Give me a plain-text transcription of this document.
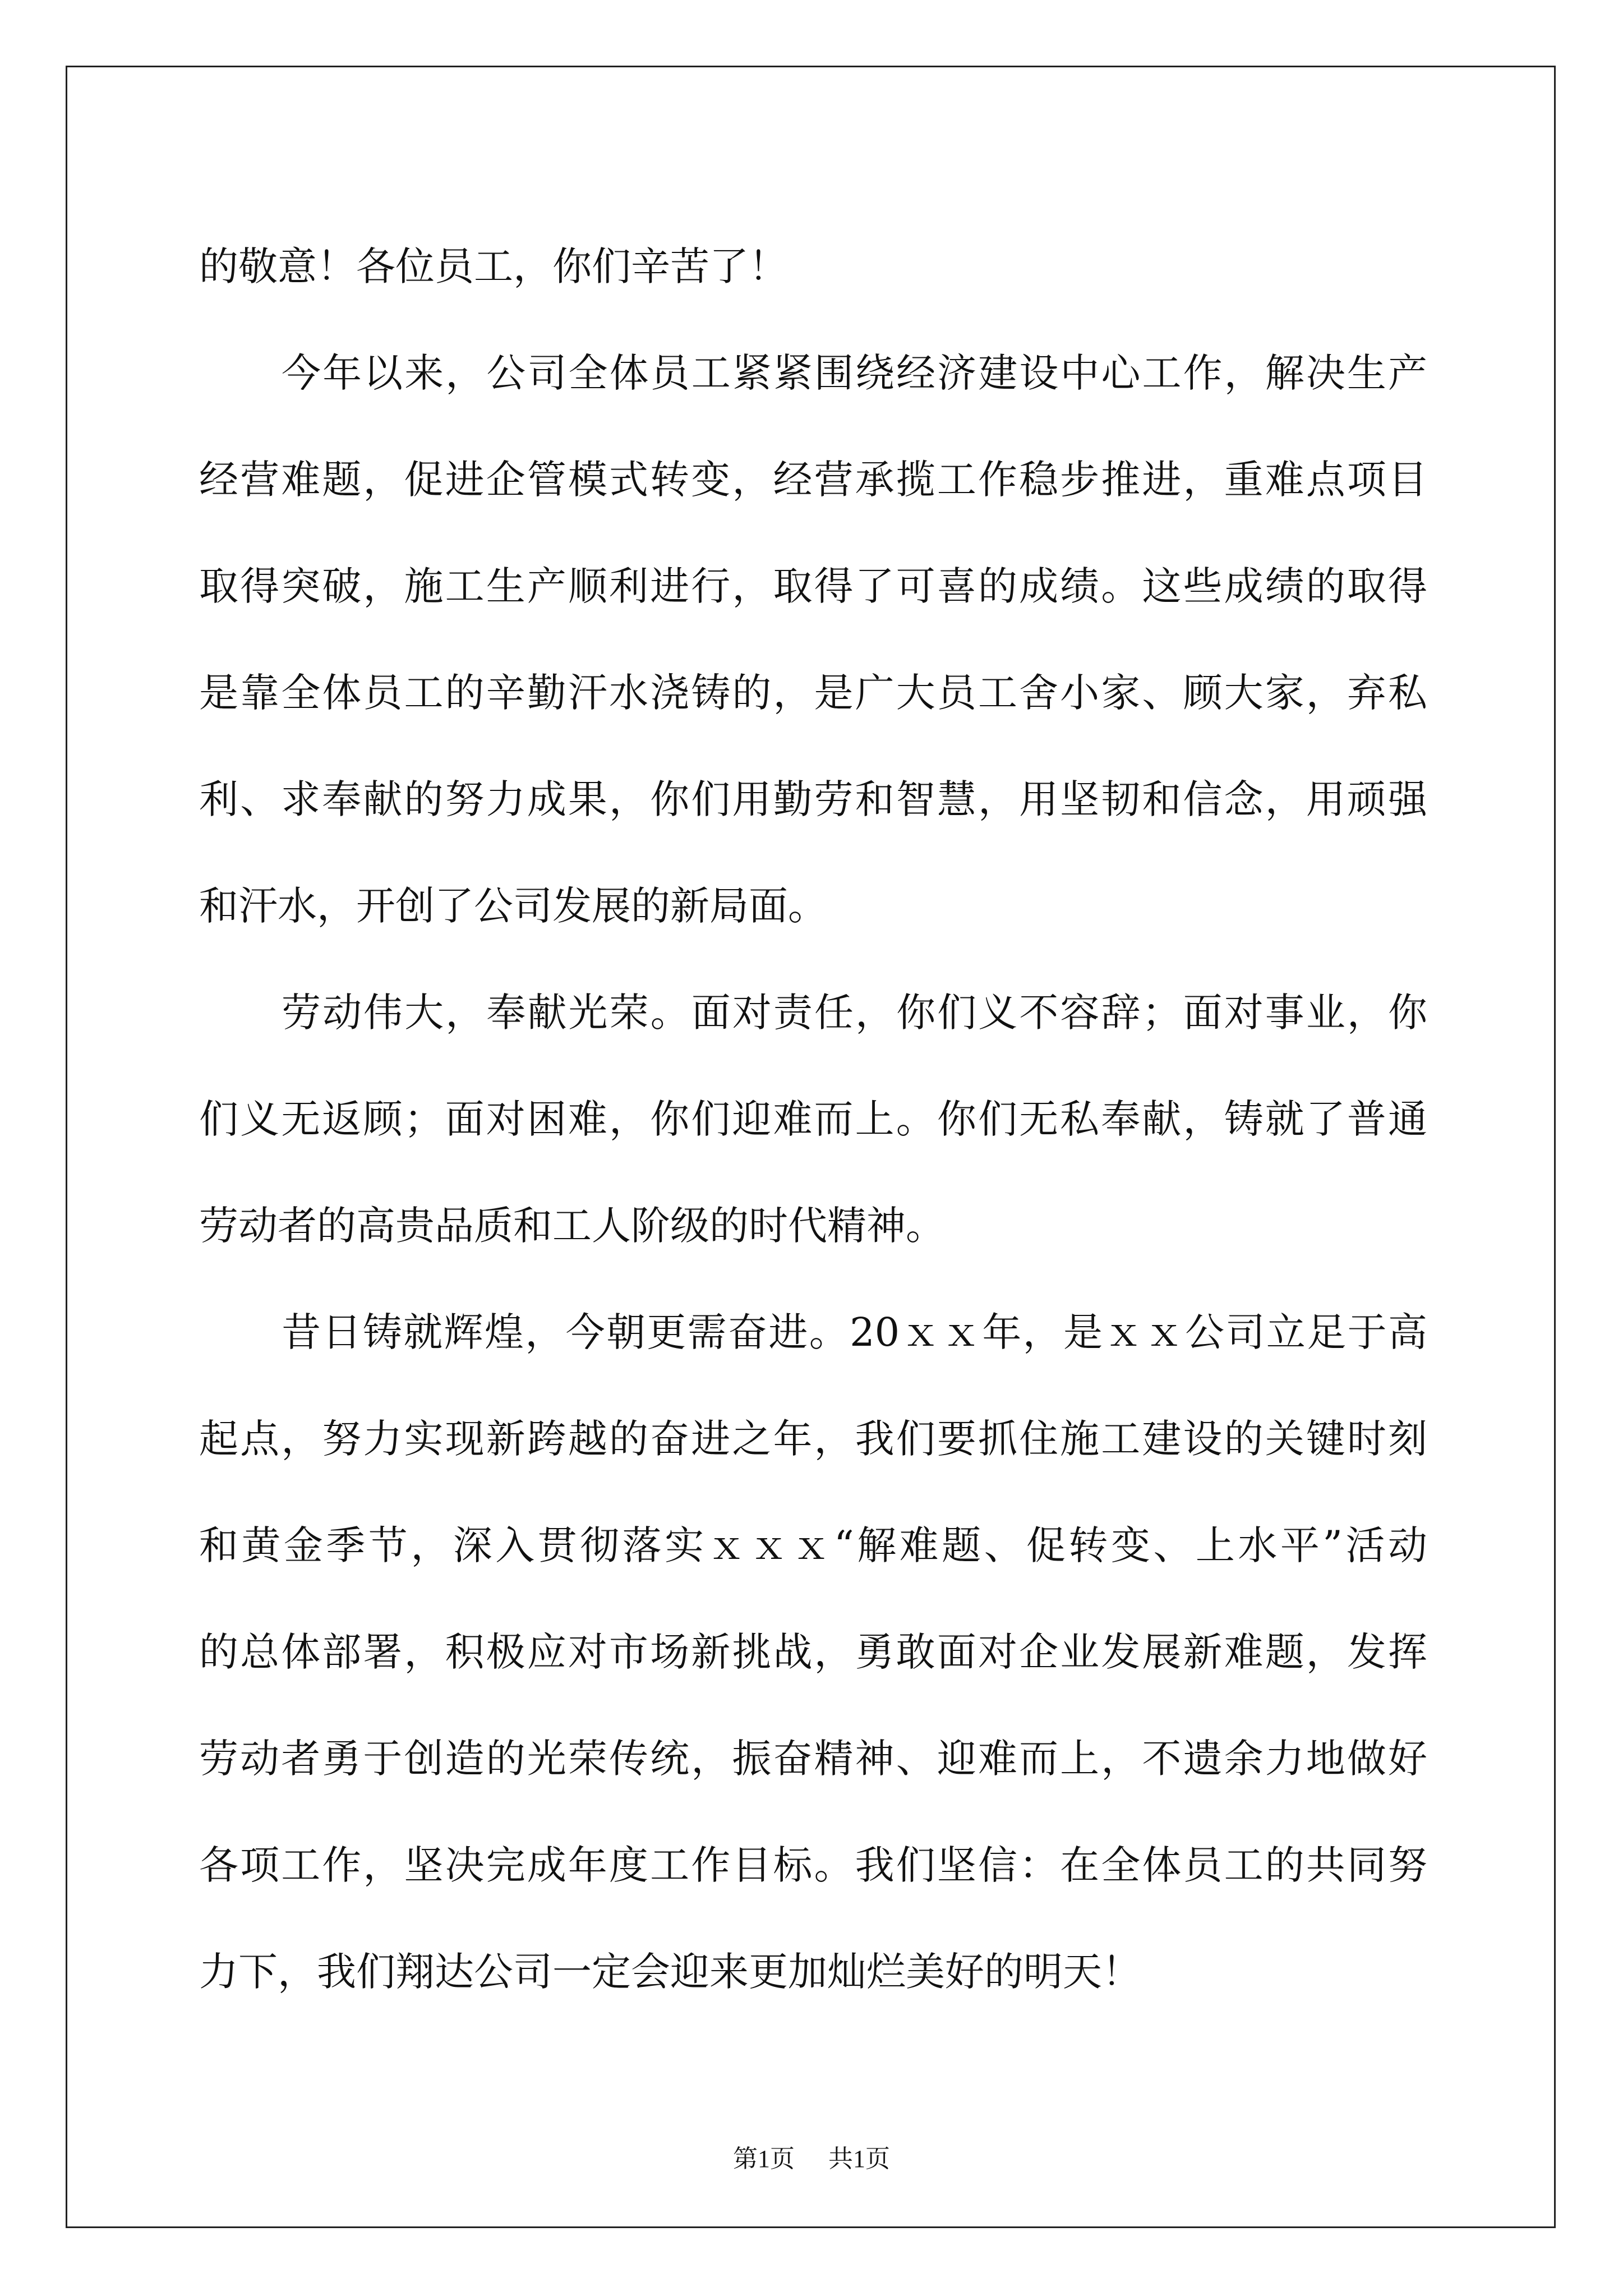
的敬意！各位员工，你们辛苦了！
今年以来，公司全体员工紧紧围绕经济建设中心工作，解决生产
经营难题，促进企管模式转变，经营承揽工作稳步推进，重难点项目
取得突破，施工生产顺利进行，取得了可喜的成绩。这些成绩的取得
是靠全体员工的辛勤汗水浇铸的，是广大员工舍小家、顾大家，弃私
利、求奉献的努力成果，你们用勤劳和智慧，用坚韧和信念，用顽强
和汗水，开创了公司发展的新局面。
劳动伟大，奉献光荣。面对责任，你们义不容辞；面对事业，你
们义无返顾；面对困难，你们迎难而上。你们无私奉献，铸就了普通
劳动者的高贵品质和工人阶级的时代精神。
昔日铸就辉煌，今朝更需奋进。20ｘｘ年，是ｘｘ公司立足于高
起点，努力实现新跨越的奋进之年，我们要抓住施工建设的关键时刻
和黄金季节，深入贯彻落实ｘｘｘ“解难题、促转变、上水平”活动
的总体部署，积极应对市场新挑战，勇敢面对企业发展新难题，发挥
劳动者勇于创造的光荣传统，振奋精神、迎难而上，不遗余力地做好
各项工作，坚决完成年度工作目标。我们坚信：在全体员工的共同努
力下，我们翔达公司一定会迎来更加灿烂美好的明天！
第1页 共1页
